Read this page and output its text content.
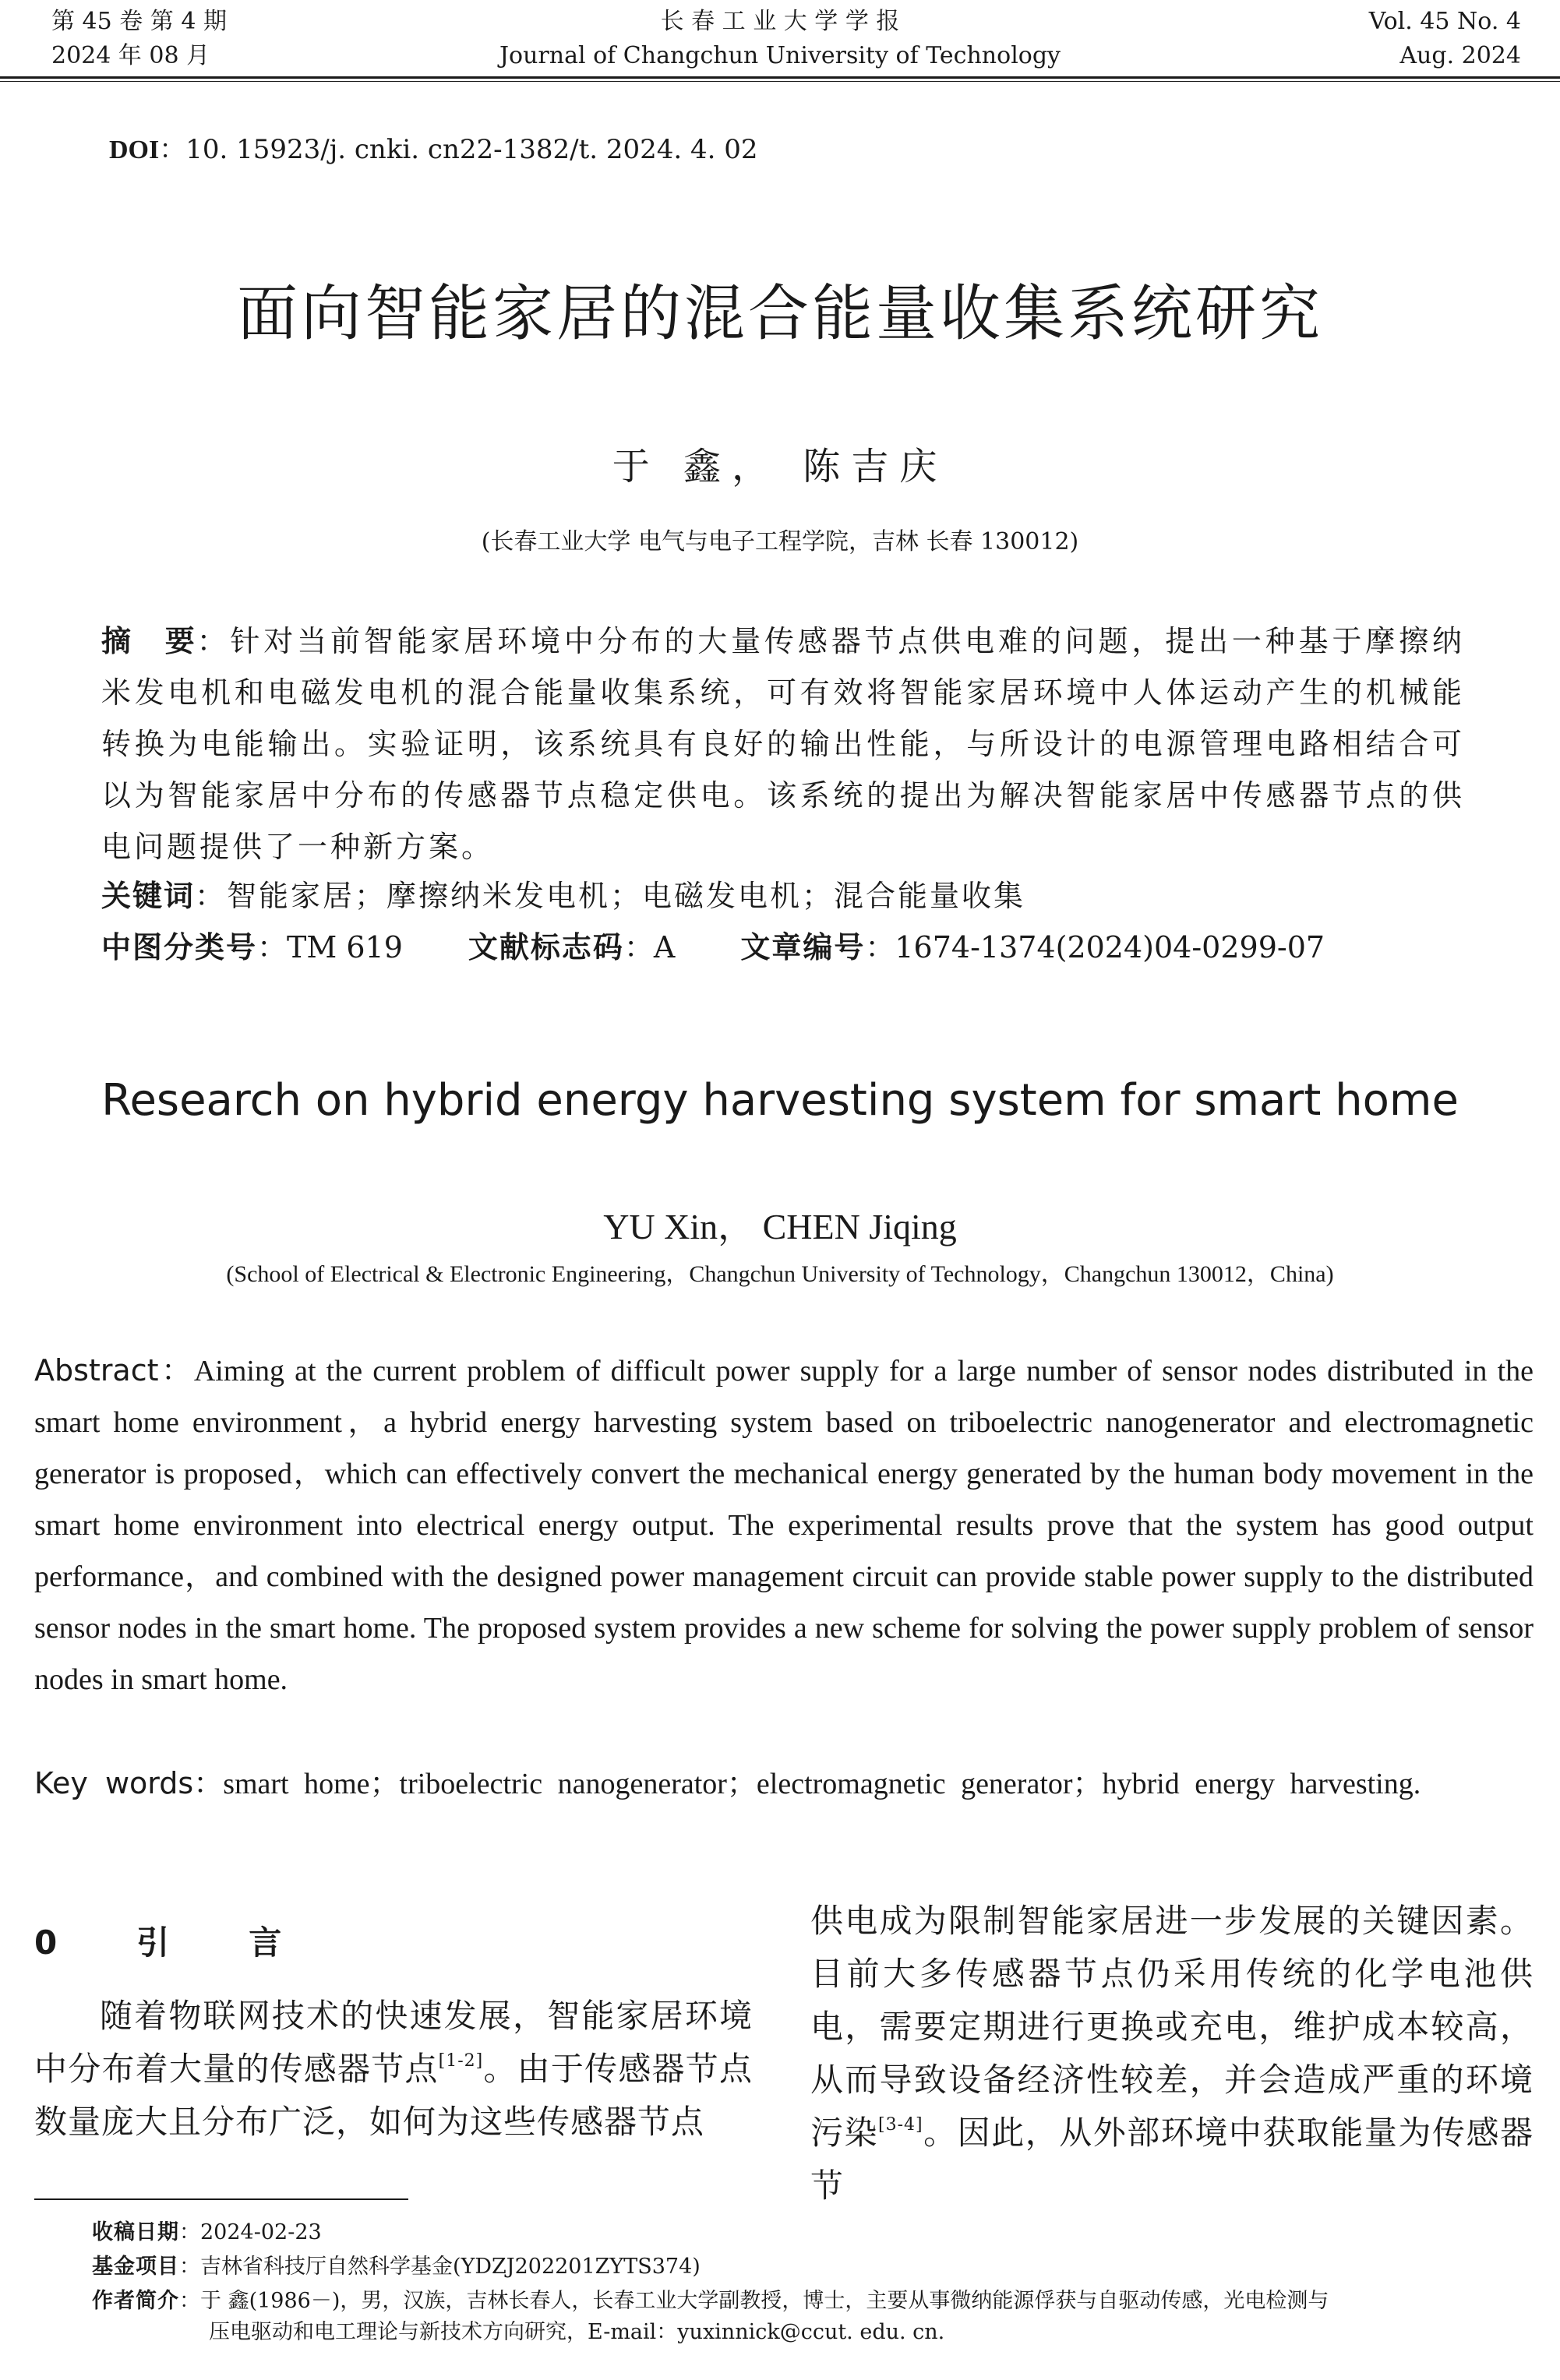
第 45 卷 第 4 期
2024 年 08 月
长 春 工 业 大 学 学 报
Journal of Changchun University of Technology
Vol. 45 No. 4
Aug. 2024
DOI：10. 15923/j. cnki. cn22-1382/t. 2024. 4. 02
面向智能家居的混合能量收集系统研究
于 鑫， 陈吉庆
(长春工业大学 电气与电子工程学院，吉林 长春 130012)
摘　要：针对当前智能家居环境中分布的大量传感器节点供电难的问题，提出一种基于摩擦纳米发电机和电磁发电机的混合能量收集系统，可有效将智能家居环境中人体运动产生的机械能转换为电能输出。实验证明，该系统具有良好的输出性能，与所设计的电源管理电路相结合可以为智能家居中分布的传感器节点稳定供电。该系统的提出为解决智能家居中传感器节点的供电问题提供了一种新方案。
关键词：智能家居；摩擦纳米发电机；电磁发电机；混合能量收集
中图分类号：TM 619 文献标志码：A 文章编号：1674-1374(2024)04-0299-07
Research on hybrid energy harvesting system for smart home
YU Xin， CHEN Jiqing
(School of Electrical & Electronic Engineering，Changchun University of Technology，Changchun 130012，China)
Abstract：Aiming at the current problem of difficult power supply for a large number of sensor nodes distributed in the smart home environment，a hybrid energy harvesting system based on triboelectric nanogenerator and electromagnetic generator is proposed，which can effectively convert the mechanical energy generated by the human body movement in the smart home environment into electrical energy output. The experimental results prove that the system has good output performance，and combined with the designed power management circuit can provide stable power supply to the distributed sensor nodes in the smart home. The proposed system provides a new scheme for solving the power supply problem of sensor nodes in smart home.
Key words：smart home；triboelectric nanogenerator；electromagnetic generator；hybrid energy harvesting.
0　引　言
随着物联网技术的快速发展，智能家居环境中分布着大量的传感器节点[1-2]。由于传感器节点数量庞大且分布广泛，如何为这些传感器节点
供电成为限制智能家居进一步发展的关键因素。目前大多传感器节点仍采用传统的化学电池供电，需要定期进行更换或充电，维护成本较高，从而导致设备经济性较差，并会造成严重的环境污染[3-4]。因此，从外部环境中获取能量为传感器节
收稿日期：2024-02-23
基金项目：吉林省科技厅自然科学基金(YDZJ202201ZYTS374)
作者简介：于 鑫(1986－)，男，汉族，吉林长春人，长春工业大学副教授，博士，主要从事微纳能源俘获与自驱动传感，光电检测与
压电驱动和电工理论与新技术方向研究，E-mail：yuxinnick@ccut. edu. cn.
